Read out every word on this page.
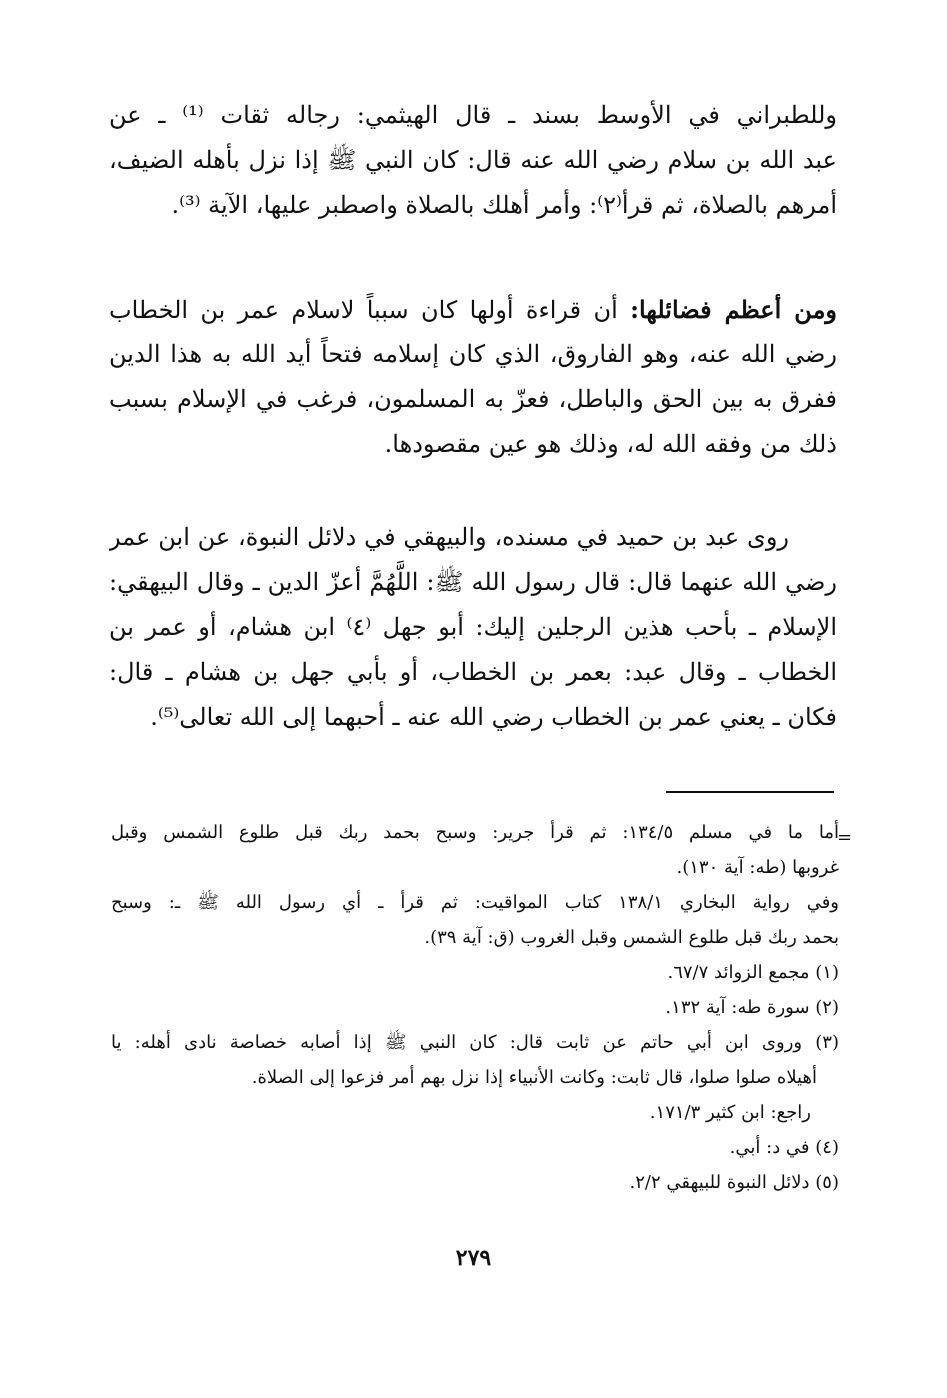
وللطبراني في الأوسط بسند ـ قال الهيثمي: رجاله ثقات ⁽¹⁾ ـ عن
عبد الله بن سلام رضي الله عنه قال: كان النبي ﷺ إذا نزل بأهله الضيف،
أمرهم بالصلاة، ثم قرأ⁽٢⁾: وأمر أهلك بالصلاة واصطبر عليها، الآية ⁽³⁾.
ومن أعظم فضائلها: أن قراءة أولها كان سبباً لاسلام عمر بن الخطاب
رضي الله عنه، وهو الفاروق، الذي كان إسلامه فتحاً أيد الله به هذا الدين
ففرق به بين الحق والباطل، فعزّ به المسلمون، فرغب في الإسلام بسبب
ذلك من وفقه الله له، وذلك هو عين مقصودها.
روى عبد بن حميد في مسنده، والبيهقي في دلائل النبوة، عن ابن عمر
رضي الله عنهما قال: قال رسول الله ﷺ: اللَّهُمَّ أعزّ الدين ـ وقال البيهقي:
الإسلام ـ بأحب هذين الرجلين إليك: أبو جهل ⁽٤⁾ ابن هشام، أو عمر بن
الخطاب ـ وقال عبد: بعمر بن الخطاب، أو بأبي جهل بن هشام ـ قال:
فكان ـ يعني عمر بن الخطاب رضي الله عنه ـ أحبهما إلى الله تعالى⁽⁵⁾.
=
أما ما في مسلم ١٣٤/٥: ثم قرأ جرير: وسبح بحمد ربك قبل طلوع الشمس وقبل
غروبها (طه: آية ١٣٠).
وفي رواية البخاري ١٣٨/١ كتاب المواقيت: ثم قرأ ـ أي رسول الله ﷺ ـ: وسبح
بحمد ربك قبل طلوع الشمس وقبل الغروب (ق: آية ٣٩).
(١) مجمع الزوائد ٦٧/٧.
(٢) سورة طه: آية ١٣٢.
(٣) وروى ابن أبي حاتم عن ثابت قال: كان النبي ﷺ إذا أصابه خصاصة نادى أهله: يا
أهيلاه صلوا صلوا، قال ثابت: وكانت الأنبياء إذا نزل بهم أمر فزعوا إلى الصلاة.
راجع: ابن كثير ١٧١/٣.
(٤) في د: أبي.
(٥) دلائل النبوة للبيهقي ٢/٢.
٢٧٩
